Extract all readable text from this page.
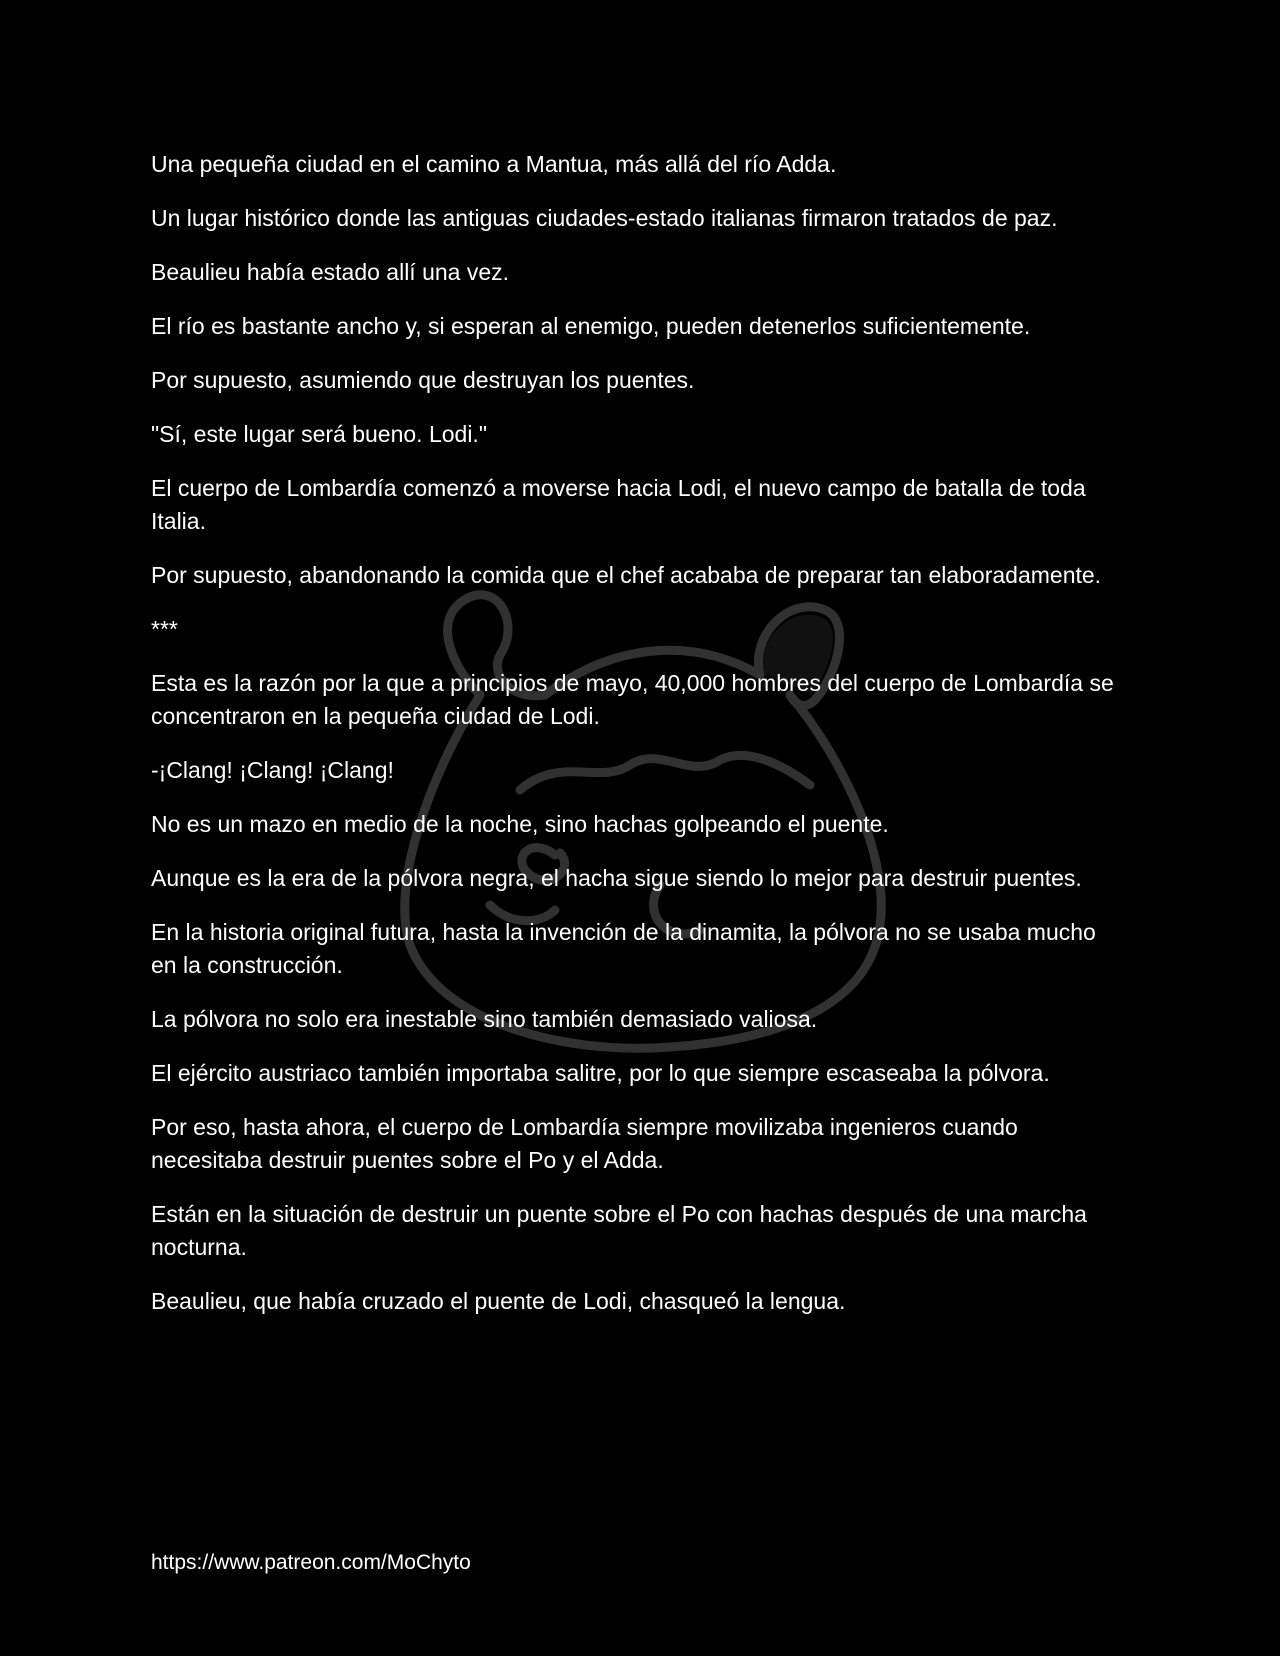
Una pequeña ciudad en el camino a Mantua, más allá del río Adda.

Un lugar histórico donde las antiguas ciudades-estado italianas firmaron tratados de paz.

Beaulieu había estado allí una vez.

El río es bastante ancho y, si esperan al enemigo, pueden detenerlos suficientemente.

Por supuesto, asumiendo que destruyan los puentes.

"Sí, este lugar será bueno. Lodi."

El cuerpo de Lombardía comenzó a moverse hacia Lodi, el nuevo campo de batalla de toda Italia.

Por supuesto, abandonando la comida que el chef acababa de preparar tan elaboradamente.

***

Esta es la razón por la que a principios de mayo, 40,000 hombres del cuerpo de Lombardía se concentraron en la pequeña ciudad de Lodi.

-¡Clang! ¡Clang! ¡Clang!

No es un mazo en medio de la noche, sino hachas golpeando el puente.

Aunque es la era de la pólvora negra, el hacha sigue siendo lo mejor para destruir puentes.

En la historia original futura, hasta la invención de la dinamita, la pólvora no se usaba mucho en la construcción.

La pólvora no solo era inestable sino también demasiado valiosa.

El ejército austriaco también importaba salitre, por lo que siempre escaseaba la pólvora.

Por eso, hasta ahora, el cuerpo de Lombardía siempre movilizaba ingenieros cuando necesitaba destruir puentes sobre el Po y el Adda.

Están en la situación de destruir un puente sobre el Po con hachas después de una marcha nocturna.

Beaulieu, que había cruzado el puente de Lodi, chasqueó la lengua.

https://www.patreon.com/MoChyto
